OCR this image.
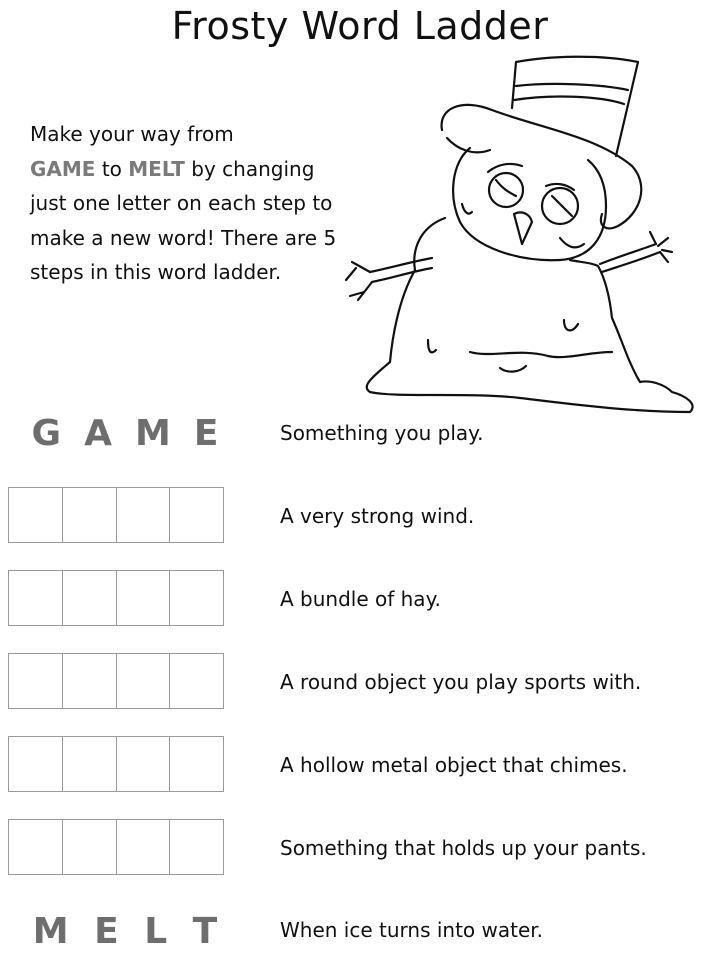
Frosty Word Ladder
Make your way from
GAME to MELT by changing just one letter on each step to make a new word! There are 5 steps in this word ladder.
G A M E
M E L T
Something you play.
A very strong wind.
A bundle of hay.
A round object you play sports with.
A hollow metal object that chimes.
Something that holds up your pants.
When ice turns into water.
